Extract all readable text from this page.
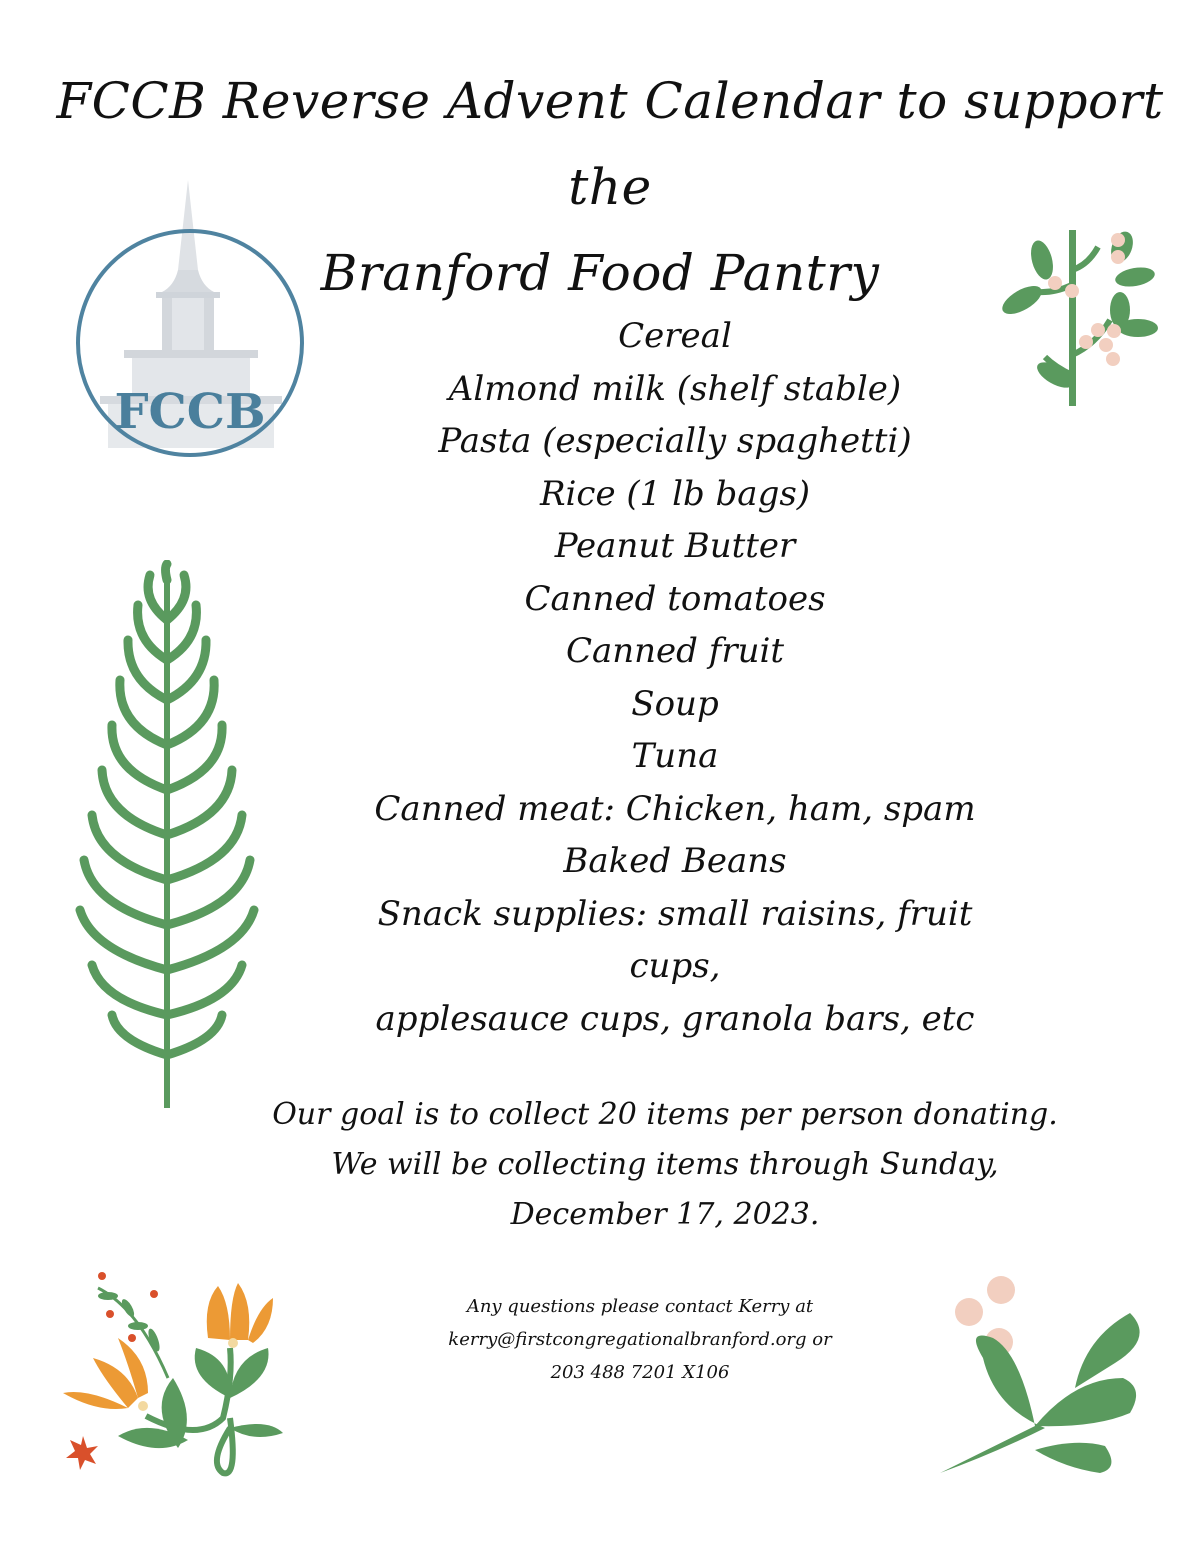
FCCB Reverse Advent Calendar to support the
Branford Food Pantry
FCCB
Cereal
Almond milk (shelf stable)
Pasta (especially spaghetti)
Rice (1 lb bags)
Peanut Butter
Canned tomatoes
Canned fruit
Soup
Tuna
Canned meat: Chicken, ham, spam
Baked Beans
Snack supplies: small raisins, fruit cups,
applesauce cups, granola bars, etc
Our goal is to collect 20 items per person donating.
We will be collecting items through Sunday,
December 17, 2023.
Any questions please contact Kerry at
kerry@firstcongregationalbranford.org or
203 488 7201 X106
